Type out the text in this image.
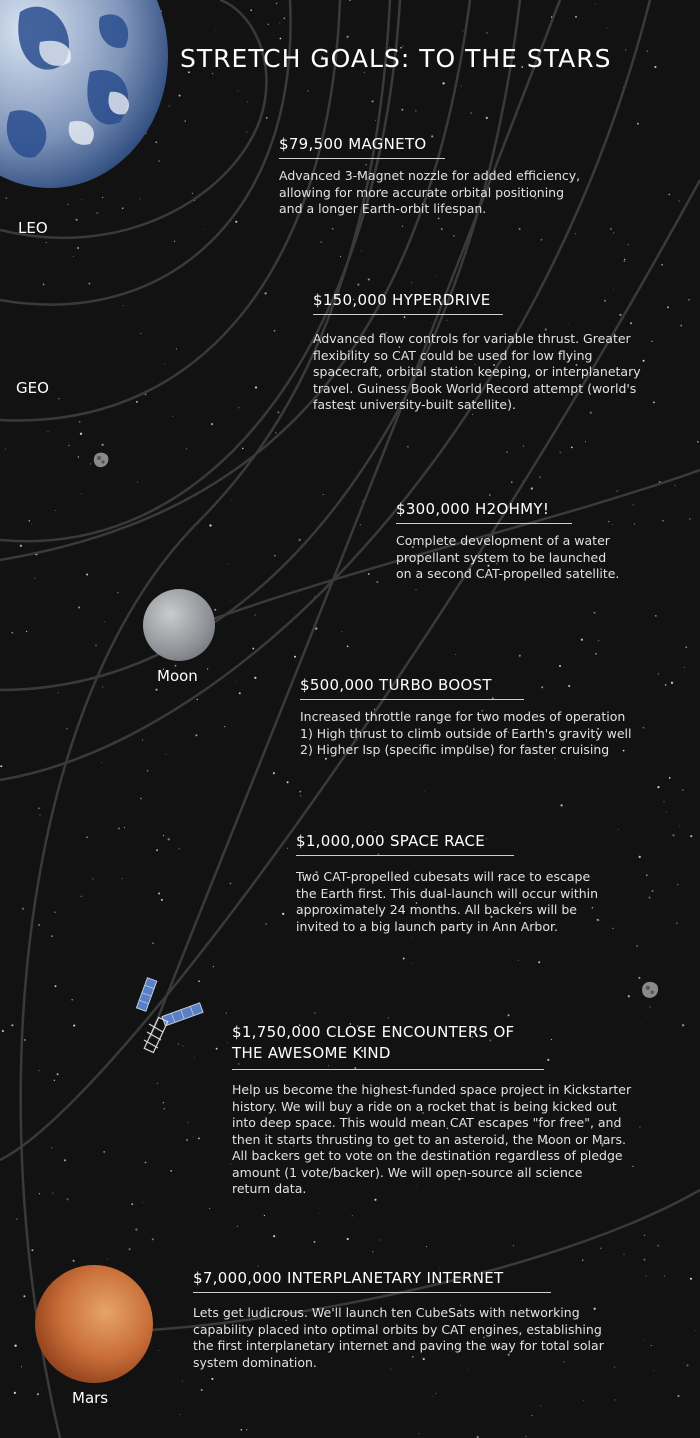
STRETCH GOALS: TO THE STARS
LEO
GEO
Moon
Mars
$79,500 MAGNETO
Advanced 3-Magnet nozzle for added efficiency,
allowing for more accurate orbital positioning
and a longer Earth-orbit lifespan.
$150,000 HYPERDRIVE
Advanced flow controls for variable thrust. Greater
flexibility so CAT could be used for low flying
spacecraft, orbital station keeping, or interplanetary
travel. Guiness Book World Record attempt (world's
fastest university-built satellite).
$300,000 H2OHMY!
Complete development of a water
propellant system to be launched
on a second CAT-propelled satellite.
$500,000 TURBO BOOST
Increased throttle range for two modes of operation
1) High thrust to climb outside of Earth's gravity well
2) Higher Isp (specific impulse) for faster cruising
$1,000,000 SPACE RACE
Two CAT-propelled cubesats will race to escape
the Earth first. This dual-launch will occur within
approximately 24 months. All backers will be
invited to a big launch party in Ann Arbor.
$1,750,000 CLOSE ENCOUNTERS OF
THE AWESOME KIND
Help us become the highest-funded space project in Kickstarter
history. We will buy a ride on a rocket that is being kicked out
into deep space. This would mean CAT escapes "for free", and
then it starts thrusting to get to an asteroid, the Moon or Mars.
All backers get to vote on the destination regardless of pledge
amount (1 vote/backer). We will open-source all science
return data.
$7,000,000 INTERPLANETARY INTERNET
Lets get ludicrous. We'll launch ten CubeSats with networking
capability placed into optimal orbits by CAT engines, establishing
the first interplanetary internet and paving the way for total solar
system domination.
